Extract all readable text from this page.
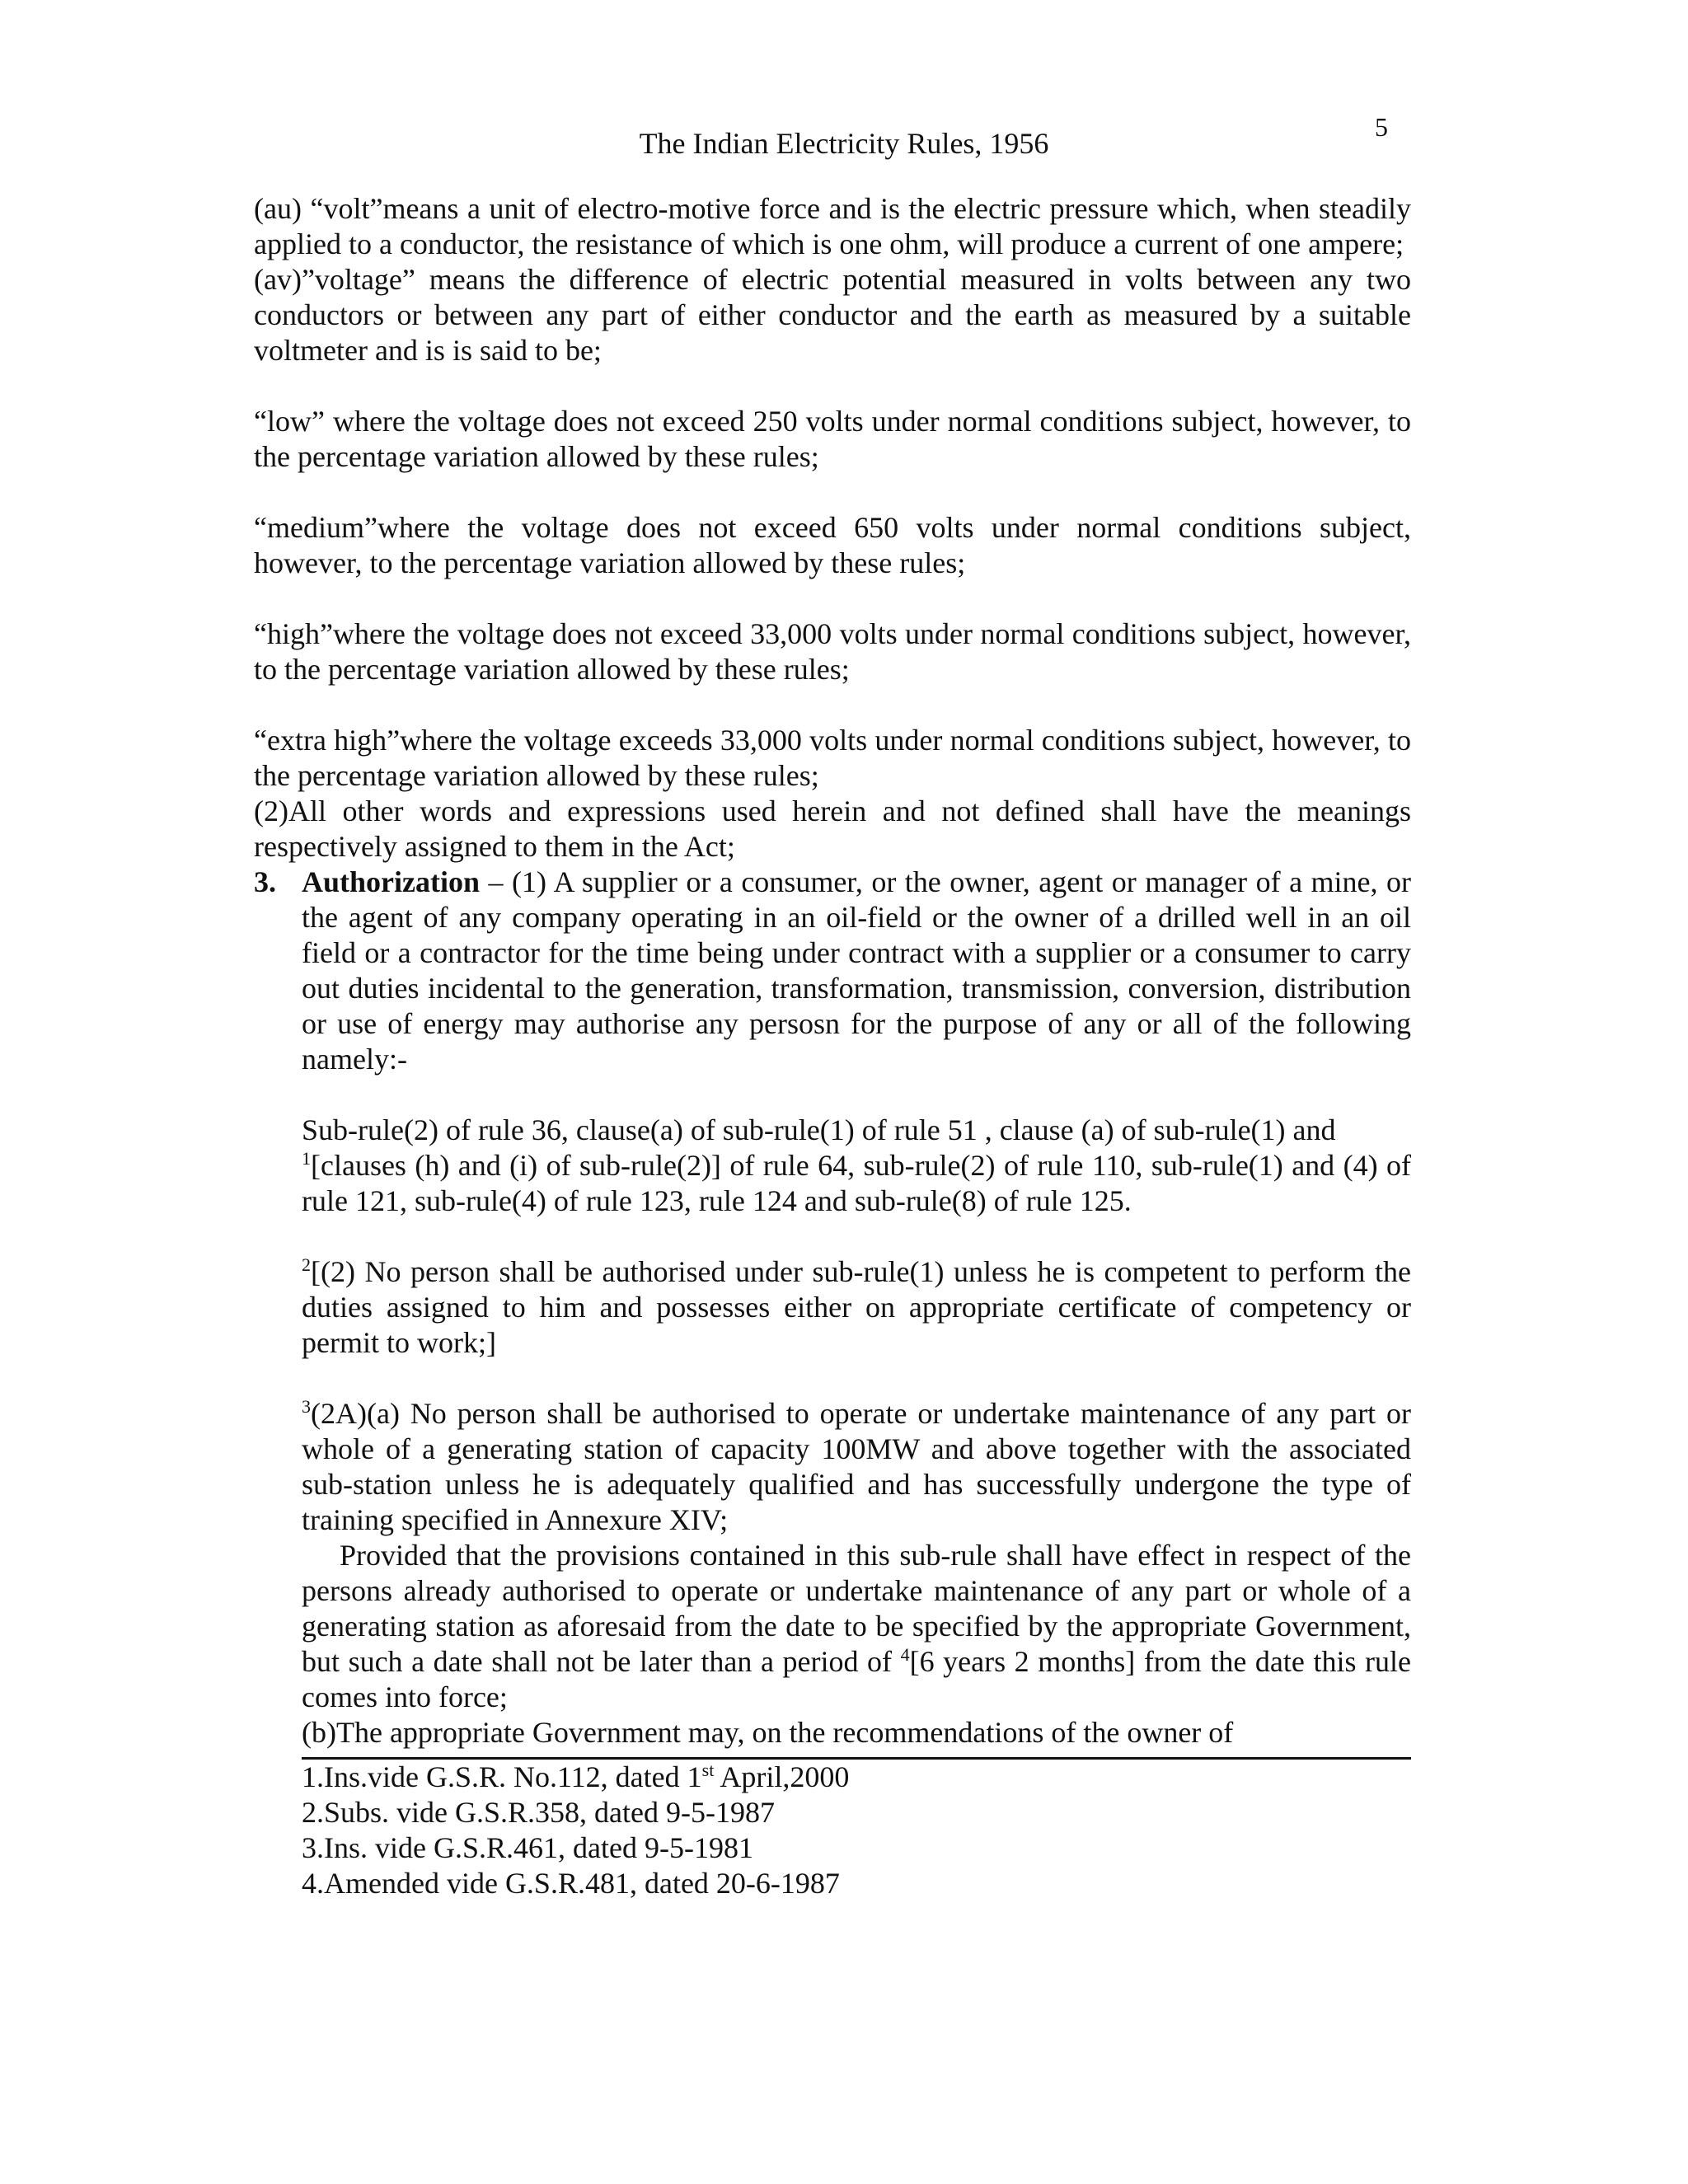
5
The Indian Electricity Rules, 1956

(au) “volt”means a unit of electro-motive force and is the electric pressure which, when steadily applied to a conductor, the resistance of which is one ohm, will produce a current of one ampere;

(av)”voltage” means the difference of electric potential measured in volts between any two conductors or between any part of either conductor and the earth as measured by a suitable voltmeter and is is said to be;

“low” where the voltage does not exceed 250 volts under normal conditions subject, however, to the percentage variation allowed by these rules;

“medium”where the voltage does not exceed 650 volts under normal conditions subject, however, to the percentage variation allowed by these rules;

“high”where the voltage does not exceed 33,000 volts under normal conditions subject, however, to the percentage variation allowed by these rules;

“extra high”where the voltage exceeds 33,000 volts under normal conditions subject, however, to the percentage variation allowed by these rules;

(2)All other words and expressions used herein and not defined shall have the meanings respectively assigned to them in the Act;

3. Authorization – (1) A supplier or a consumer, or the owner, agent or manager of a mine, or the agent of any company operating in an oil-field or the owner of a drilled well in an oil field or a contractor for the time being under contract with a supplier or a consumer to carry out duties incidental to the generation, transformation, transmission, conversion, distribution or use of energy may authorise any persosn for the purpose of any or all of the following namely:-

Sub-rule(2) of rule 36, clause(a) of sub-rule(1) of rule 51 , clause (a) of sub-rule(1) and
$^1$[clauses (h) and (i) of sub-rule(2)] of rule 64, sub-rule(2) of rule 110, sub-rule(1) and (4) of rule 121, sub-rule(4) of rule 123, rule 124 and sub-rule(8) of rule 125.

$^2$[(2) No person shall be authorised under sub-rule(1) unless he is competent to perform the duties assigned to him and possesses either on appropriate certificate of competency or permit to work;]

$^3$(2A)(a) No person shall be authorised to operate or undertake maintenance of any part or whole of a generating station of capacity 100MW and above together with the associated sub-station unless he is adequately qualified and has successfully undergone the type of training specified in Annexure XIV;

Provided that the provisions contained in this sub-rule shall have effect in respect of the persons already authorised to operate or undertake maintenance of any part or whole of a generating station as aforesaid from the date to be specified by the appropriate Government, but such a date shall not be later than a period of $^4$[6 years 2 months] from the date this rule comes into force;

(b)The appropriate Government may, on the recommendations of the owner of

1.Ins.vide G.S.R. No.112, dated 1st April,2000

2.Subs. vide G.S.R.358, dated 9-5-1987

3.Ins. vide G.S.R.461, dated 9-5-1981

4.Amended vide G.S.R.481, dated 20-6-1987
